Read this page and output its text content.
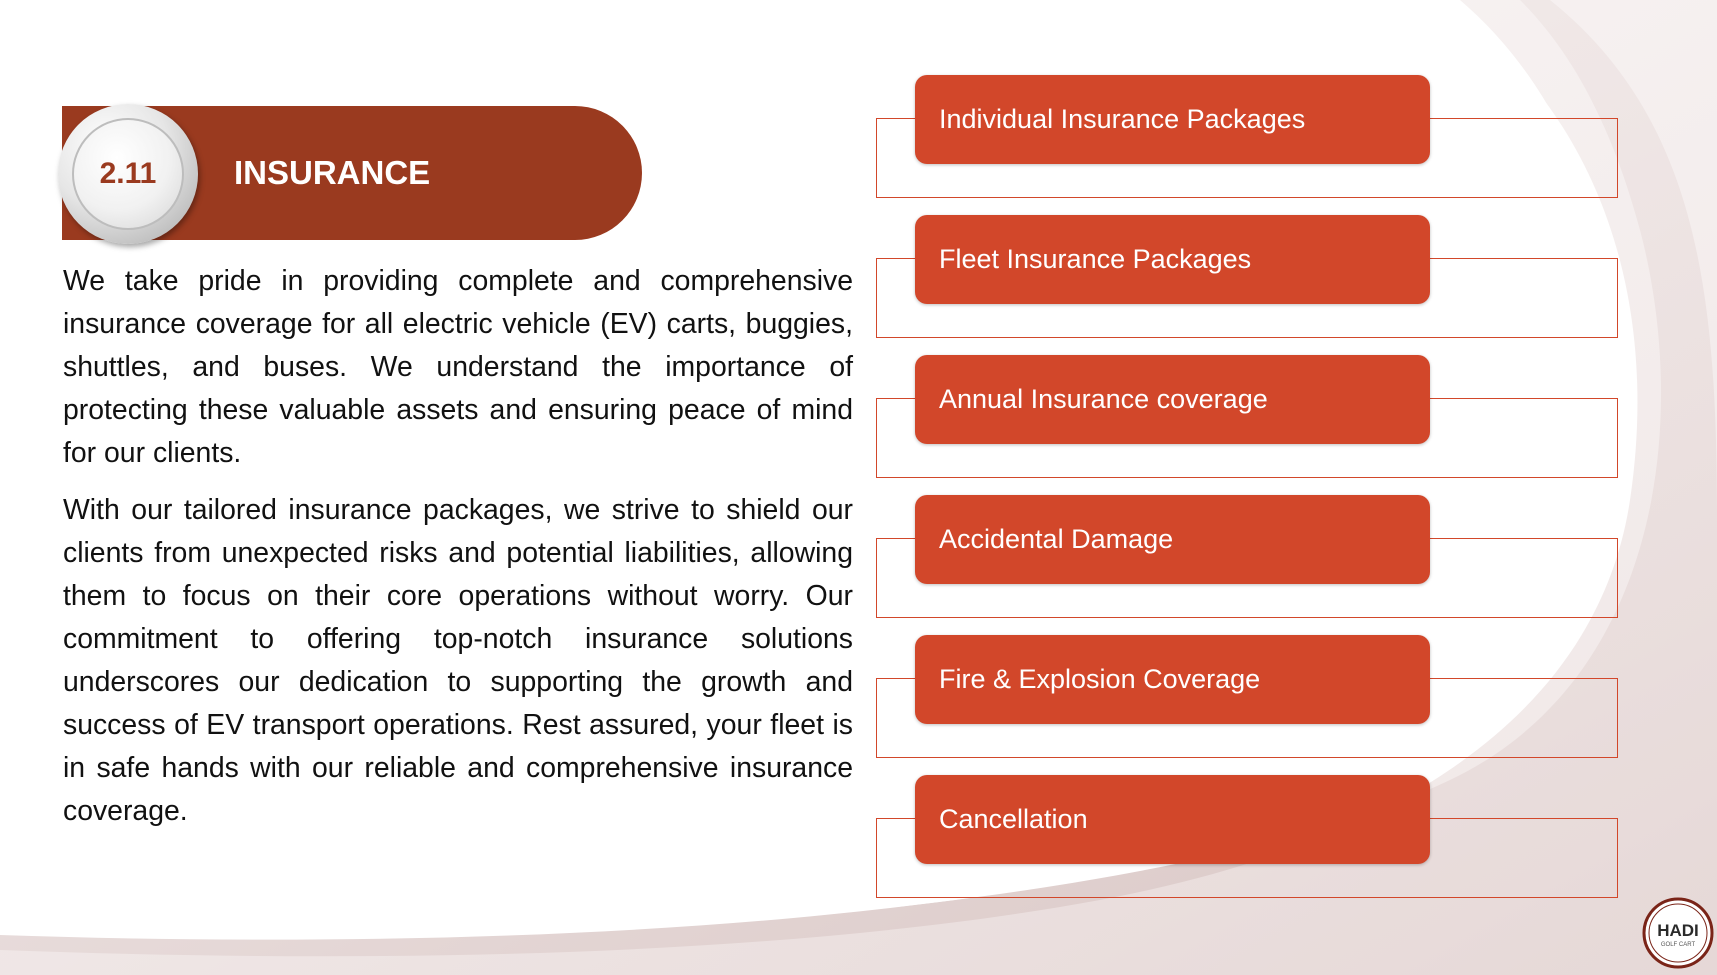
2.11	INSURANCE

We take pride in providing complete and comprehensive insurance coverage for all electric vehicle (EV) carts, buggies, shuttles, and buses. We understand the importance of protecting these valuable assets and ensuring peace of mind for our clients.

With our tailored insurance packages, we strive to shield our clients from unexpected risks and potential liabilities, allowing them to focus on their core operations without worry. Our commitment to offering top-notch insurance solutions underscores our dedication to supporting the growth and success of EV transport operations. Rest assured, your fleet is in safe hands with our reliable and comprehensive insurance coverage.

Individual Insurance Packages
Fleet Insurance Packages
Annual Insurance coverage
Accidental Damage
Fire & Explosion Coverage
Cancellation
HADI
GOLF CART
